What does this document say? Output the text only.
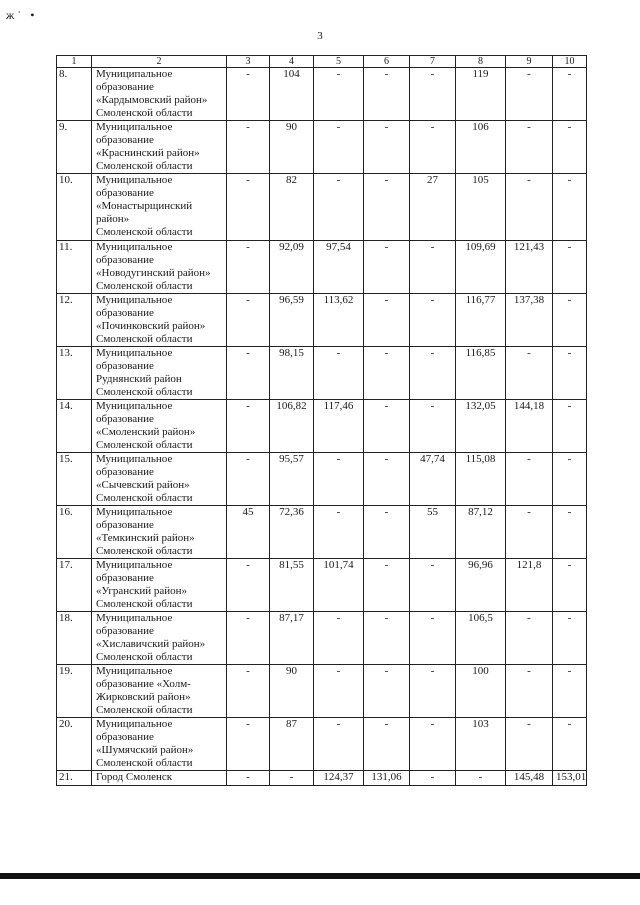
ж˙ •
3
1	2	3	4	5	6	7	8	9	10
8.	Муниципальное
образование
«Кардымовский район»
Смоленской области	-	104	-	-	-	119	-	-
9.	Муниципальное
образование
«Краснинский район»
Смоленской области	-	90	-	-	-	106	-	-
10.	Муниципальное
образование
«Монастырщинский
район»
Смоленской области	-	82	-	-	27	105	-	-
11.	Муниципальное
образование
«Новодугинский район»
Смоленской области	-	92,09	97,54	-	-	109,69	121,43	-
12.	Муниципальное
образование
«Починковский район»
Смоленской области	-	96,59	113,62	-	-	116,77	137,38	-
13.	Муниципальное
образование
Руднянский район
Смоленской области	-	98,15	-	-	-	116,85	-	-
14.	Муниципальное
образование
«Смоленский район»
Смоленской области	-	106,82	117,46	-	-	132,05	144,18	-
15.	Муниципальное
образование
«Сычевский район»
Смоленской области	-	95,57	-	-	47,74	115,08	-	-
16.	Муниципальное
образование
«Темкинский район»
Смоленской области	45	72,36	-	-	55	87,12	-	-
17.	Муниципальное
образование
«Угранский район»
Смоленской области	-	81,55	101,74	-	-	96,96	121,8	-
18.	Муниципальное
образование
«Хиславичский район»
Смоленской области	-	87,17	-	-	-	106,5	-	-
19.	Муниципальное
образование «Холм-
Жирковский район»
Смоленской области	-	90	-	-	-	100	-	-
20.	Муниципальное
образование
«Шумячский район»
Смоленской области	-	87	-	-	-	103	-	-
21.	Город Смоленск	-	-	124,37	131,06	-	-	145,48	153,01
